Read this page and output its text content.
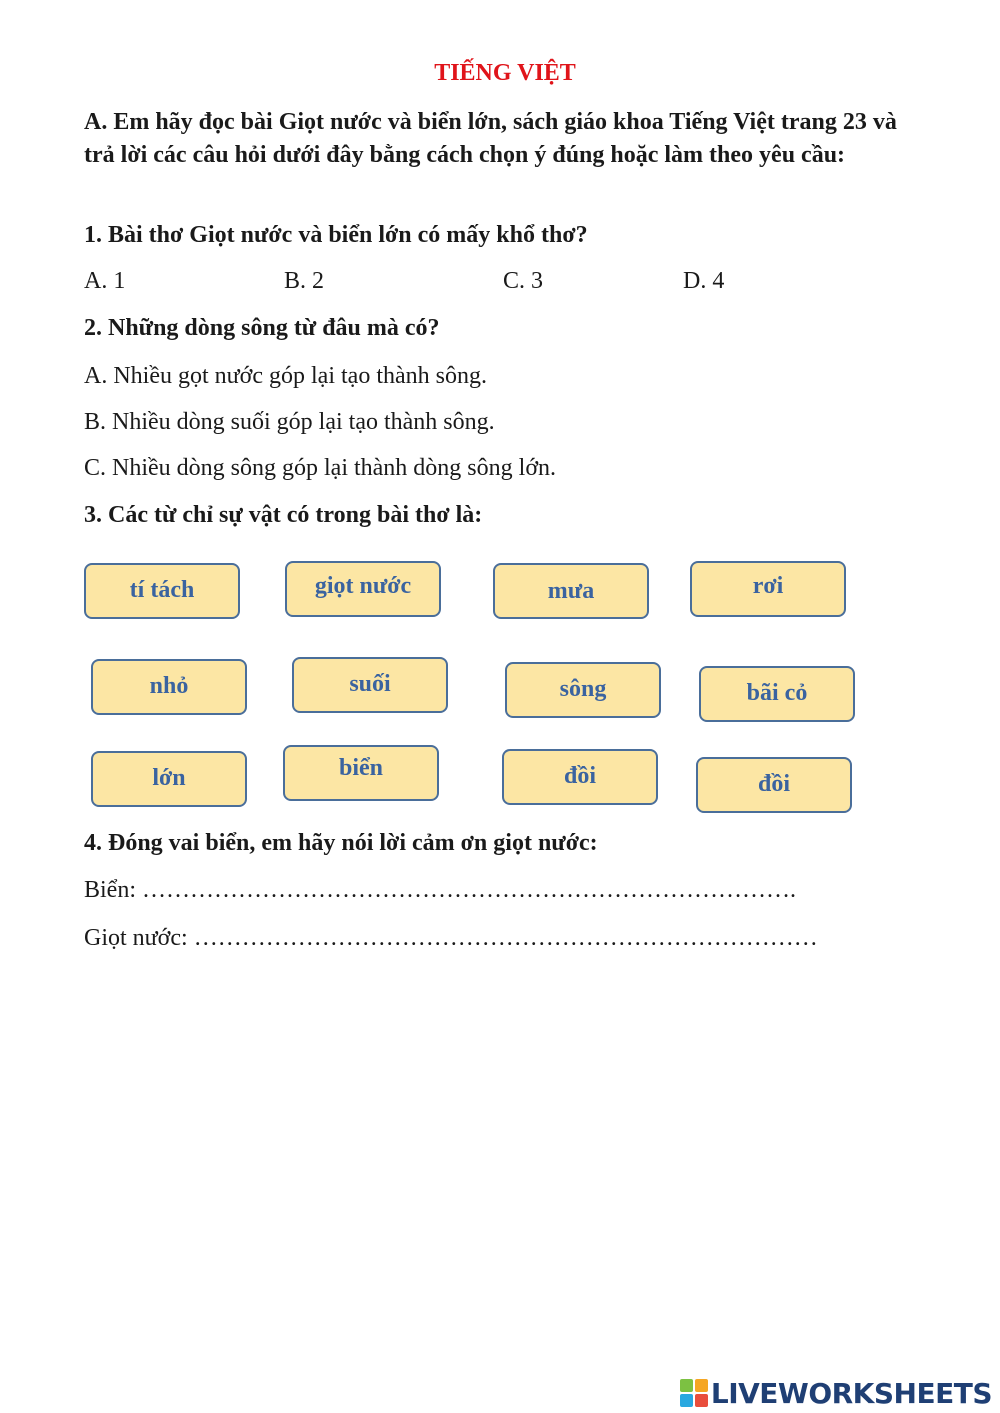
TIẾNG VIỆT

A. Em hãy đọc bài Giọt nước và biển lớn, sách giáo khoa Tiếng Việt trang 23 và trả lời các câu hỏi dưới đây bằng cách chọn ý đúng hoặc làm theo yêu cầu:

1. Bài thơ Giọt nước và biển lớn có mấy khổ thơ?

A. 1	B. 2	C. 3	D. 4

2. Những dòng sông từ đâu mà có?

A. Nhiều gọt nước góp lại tạo thành sông.
B. Nhiều dòng suối góp lại tạo thành sông.
C. Nhiều dòng sông góp lại thành dòng sông lớn.

3. Các từ chỉ sự vật có trong bài thơ là:

tí tách	giọt nước	mưa	rơi
nhỏ	suối	sông	bãi cỏ
lớn	biển	đồi	đồi

4. Đóng vai biển, em hãy nói lời cảm ơn giọt nước:

Biển: ……………………………………………………………………….

Giọt nước: ……………………………………………………………………

LIVEWORKSHEETS
